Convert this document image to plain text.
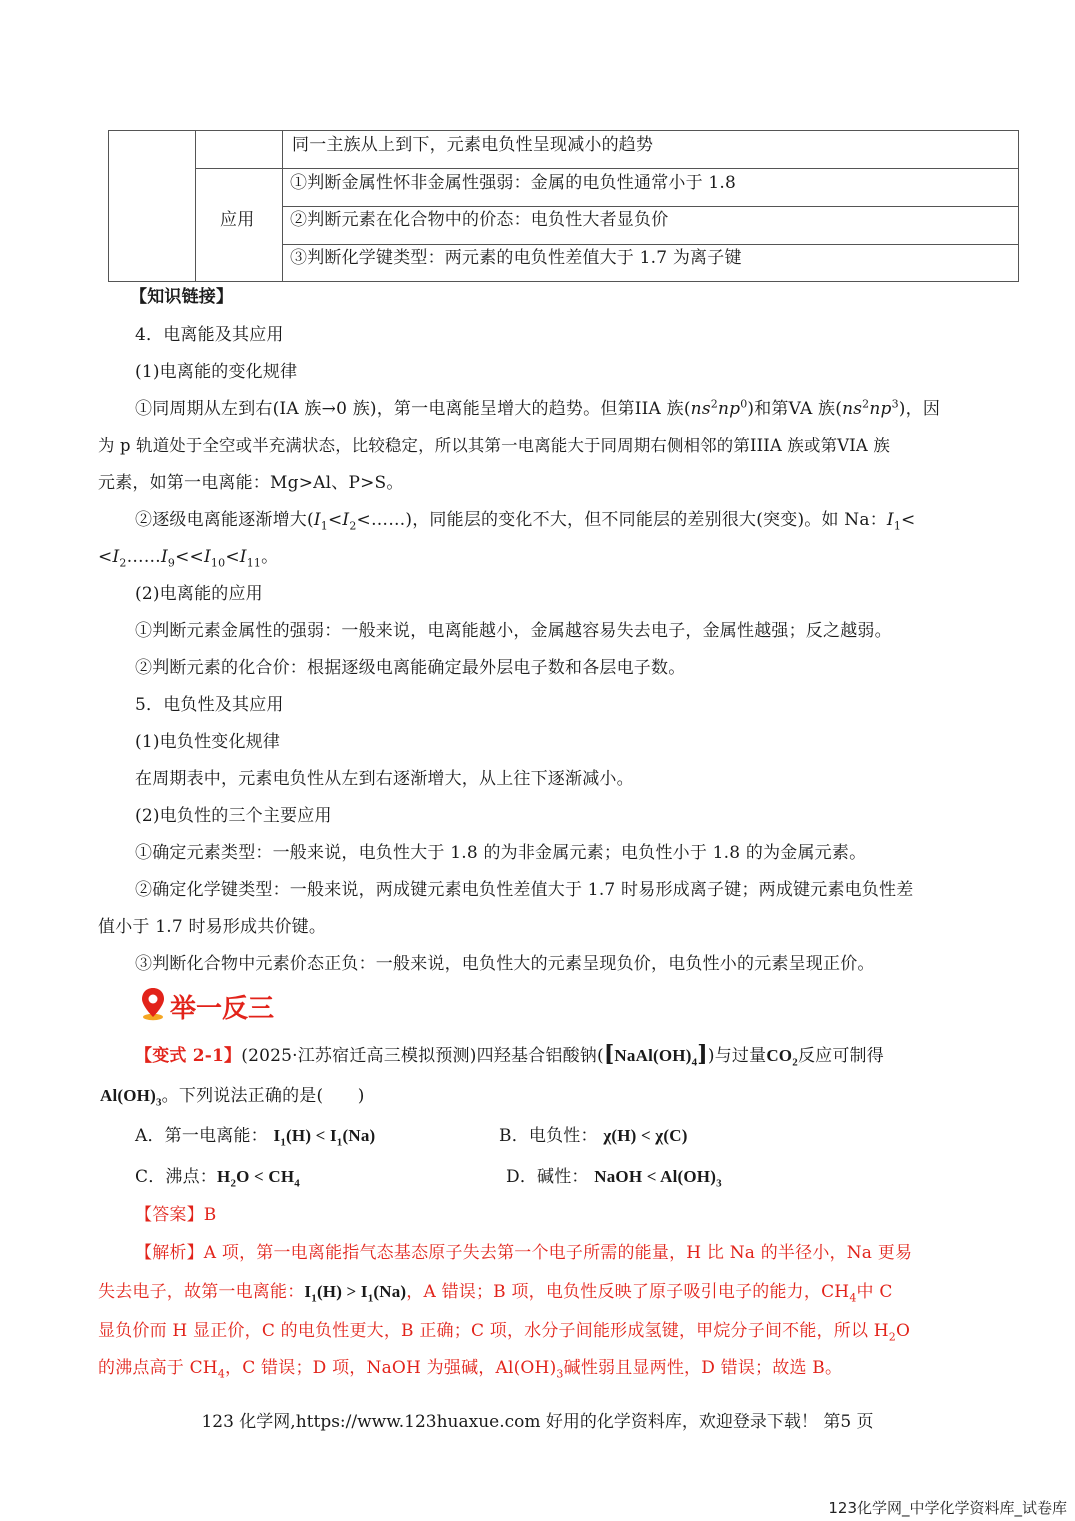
同一主族从上到下，元素电负性呈现减小的趋势
应用
①判断金属性怀非金属性强弱：金属的电负性通常小于 1.8
②判断元素在化合物中的价态：电负性大者显负价
③判断化学键类型：两元素的电负性差值大于 1.7 为离子键
【知识链接】
4．电离能及其应用
(1)电离能的变化规律
①同周期从左到右(IA 族→0 族)，第一电离能呈增大的趋势。但第IIA 族$(ns^2np^0)$和第VA 族$(ns^2np^3)$，因
为 p 轨道处于全空或半充满状态，比较稳定，所以其第一电离能大于同周期右侧相邻的第IIIA 族或第VIA 族
元素，如第一电离能：Mg>Al、P>S。
②逐级电离能逐渐增大$(I_1<I_2<\dots\dots)$，同能层的变化不大，但不同能层的差别很大(突变)。如 Na：$I_1<$
$<I_2\dots\dots I_9<<I_{10}<I_{11}$。
(2)电离能的应用
①判断元素金属性的强弱：一般来说，电离能越小，金属越容易失去电子，金属性越强；反之越弱。
②判断元素的化合价：根据逐级电离能确定最外层电子数和各层电子数。
5．电负性及其应用
(1)电负性变化规律
在周期表中，元素电负性从左到右逐渐增大，从上往下逐渐减小。
(2)电负性的三个主要应用
①确定元素类型：一般来说，电负性大于 1.8 的为非金属元素；电负性小于 1.8 的为金属元素。
②确定化学键类型：一般来说，两成键元素电负性差值大于 1.7 时易形成离子键；两成键元素电负性差
值小于 1.7 时易形成共价键。
③判断化合物中元素价态正负：一般来说，电负性大的元素呈现负价，电负性小的元素呈现正价。
举一反三
【变式 2-1】(2025·江苏宿迁高三模拟预测)四羟基合铝酸钠$([NaAl(OH)_4])$与过量$CO_2$反应可制得
$Al(OH)_3$。下列说法正确的是(　　)
A．第一电离能： $I_1(H) < I_1(Na)$	B．电负性： χ(H) < χ(C)
C．沸点：$H_2O < CH_4$	D．碱性： NaOH < $Al(OH)_3$
【答案】B
【解析】A 项，第一电离能指气态基态原子失去第一个电子所需的能量，H 比 Na 的半径小，Na 更易
失去电子，故第一电离能：$I_1(H) > I_1(Na)$，A 错误；B 项，电负性反映了原子吸引电子的能力，$CH_4$中 C
显负价而 H 显正价，C 的电负性更大，B 正确；C 项，水分子间能形成氢键，甲烷分子间不能，所以 $H_2O$
的沸点高于 $CH_4$，C 错误；D 项，NaOH 为强碱，$Al(OH)_3$碱性弱且显两性，D 错误；故选 B。
123 化学网,https://www.123huaxue.com 好用的化学资料库，欢迎登录下载！ 第5 页
123化学网_中学化学资料库_试卷库
